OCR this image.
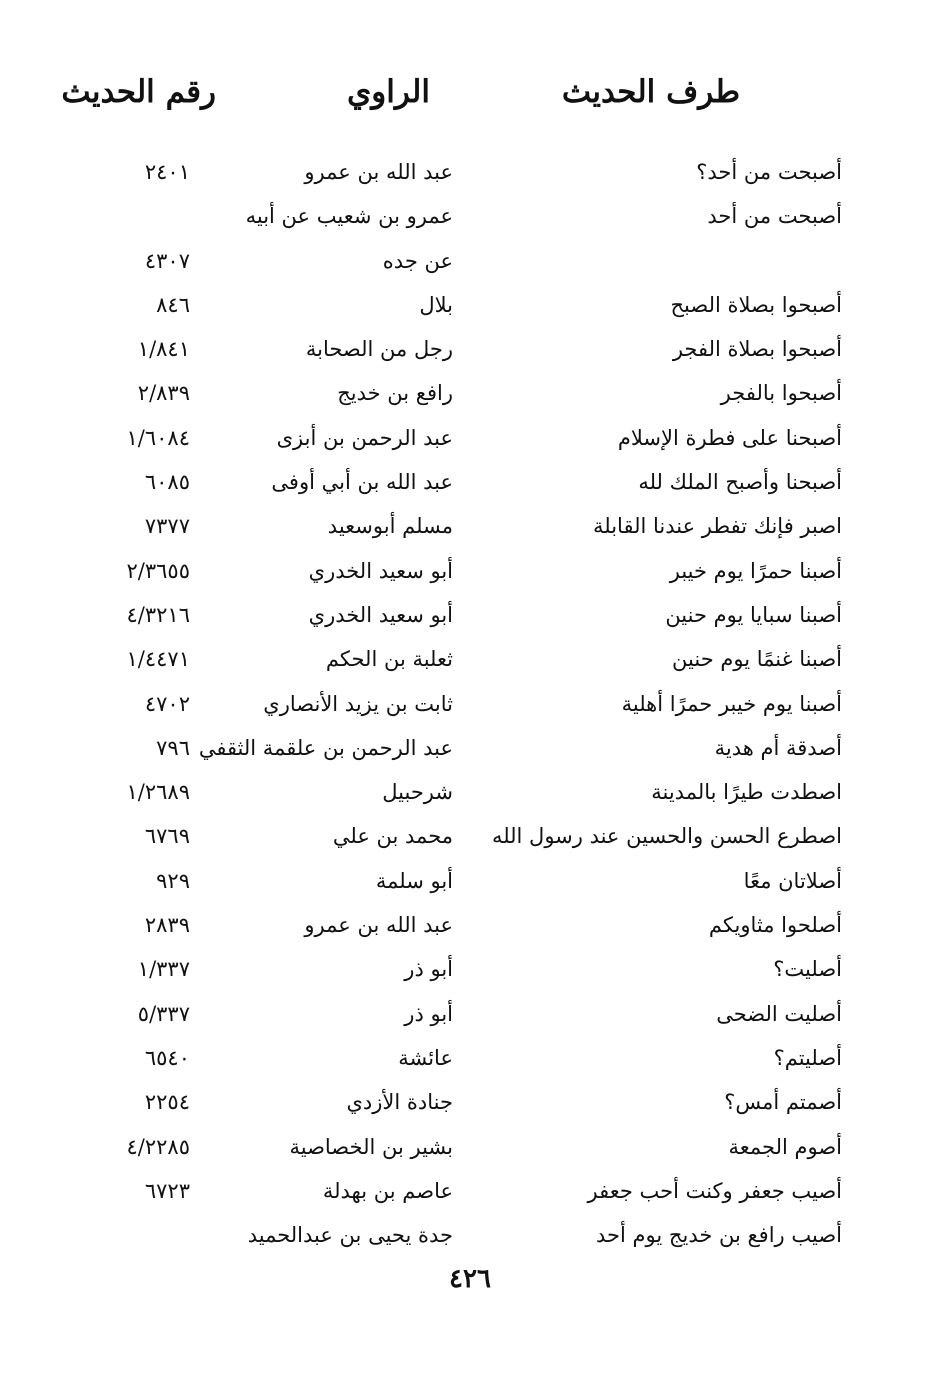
طرف الحديث
الراوي
رقم الحديث
أصبحت من أحد؟
عبد الله بن عمرو
٢٤٠١
أصبحت من أحد
عمرو بن شعيب عن أبيه
عن جده
٤٣٠٧
أصبحوا بصلاة الصبح
بلال
٨٤٦
أصبحوا بصلاة الفجر
رجل من الصحابة
١/٨٤١
أصبحوا بالفجر
رافع بن خديج
٢/٨٣٩
أصبحنا على فطرة الإسلام
عبد الرحمن بن أبزى
١/٦٠٨٤
أصبحنا وأصبح الملك لله
عبد الله بن أبي أوفى
٦٠٨٥
اصبر فإنك تفطر عندنا القابلة
مسلم أبوسعيد
٧٣٧٧
أصبنا حمرًا يوم خيبر
أبو سعيد الخدري
٢/٣٦٥٥
أصبنا سبايا يوم حنين
أبو سعيد الخدري
٤/٣٢١٦
أصبنا غنمًا يوم حنين
ثعلبة بن الحكم
١/٤٤٧١
أصبنا يوم خيبر حمرًا أهلية
ثابت بن يزيد الأنصاري
٤٧٠٢
أصدقة أم هدية
عبد الرحمن بن علقمة الثقفي
٧٩٦
اصطدت طيرًا بالمدينة
شرحبيل
١/٢٦٨٩
اصطرع الحسن والحسين عند رسول الله
محمد بن علي
٦٧٦٩
أصلاتان معًا
أبو سلمة
٩٢٩
أصلحوا مثاويكم
عبد الله بن عمرو
٢٨٣٩
أصليت؟
أبو ذر
١/٣٣٧
أصليت الضحى
أبو ذر
٥/٣٣٧
أصليتم؟
عائشة
٦٥٤٠
أصمتم أمس؟
جنادة الأزدي
٢٢٥٤
أصوم الجمعة
بشير بن الخصاصية
٤/٢٢٨٥
أصيب جعفر وكنت أحب جعفر
عاصم بن بهدلة
٦٧٢٣
أصيب رافع بن خديج يوم أحد
جدة يحيى بن عبدالحميد
٤٢٦
